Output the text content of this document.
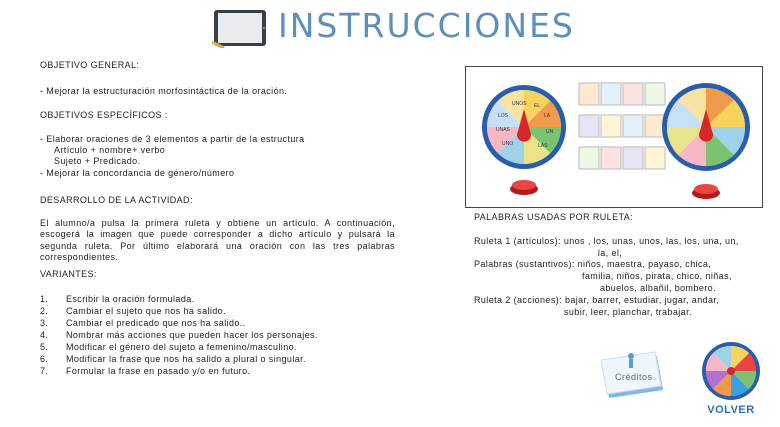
INSTRUCCIONES
OBJETIVO GENERAL:
- Mejorar la estructuración morfosintáctica de la oración.
OBJETIVOS ESPECÍFICOS :
- Elaborar oraciones de 3 elementos a partir de la estructura
Artículo + nombre+ verbo
Sujeto + Predicado.
- Mejorar la concordancia de género/número
DESARROLLO DE LA ACTIVIDAD:
El alumno/a pulsa la primera ruleta y obtiene un artículo. A continuación, escogerá la imagen que puede corresponder a dicho artículo y pulsará la segunda ruleta. Por último elaborará una oración con las tres palabras correspondientes.
VARIANTES:
1.	Escribir la oración formulada.
2.	Cambiar el sujeto que nos ha salido.
3.	Cambiar el predicado que nos ha salido..
4.	Nombrar más acciones que pueden hacer los personajes.
5.	Modificar el género del sujeto a femenino/masculino.
6.	Modificar la frase que nos ha salido a plural o singular.
7.	Formular la frase en pasado y/o en futuro.
UNOS EL
LOS	LA
UNAS	UN
UNO	LAS
PALABRAS USADAS POR RULETA:
Ruleta 1 (artículos): unos , los, unas, unos, las, los, una, un,
la, el,
Palabras (sustantivos): niños, maestra, payaso, chica,
familia, niños, pirata, chico, niñas,
abuelos, albañil, bombero.
Ruleta 2 (acciones): bajar, barrer, estudiar, jugar, andar,
subir, leer, planchar, trabajar.
Créditos
VOLVER
